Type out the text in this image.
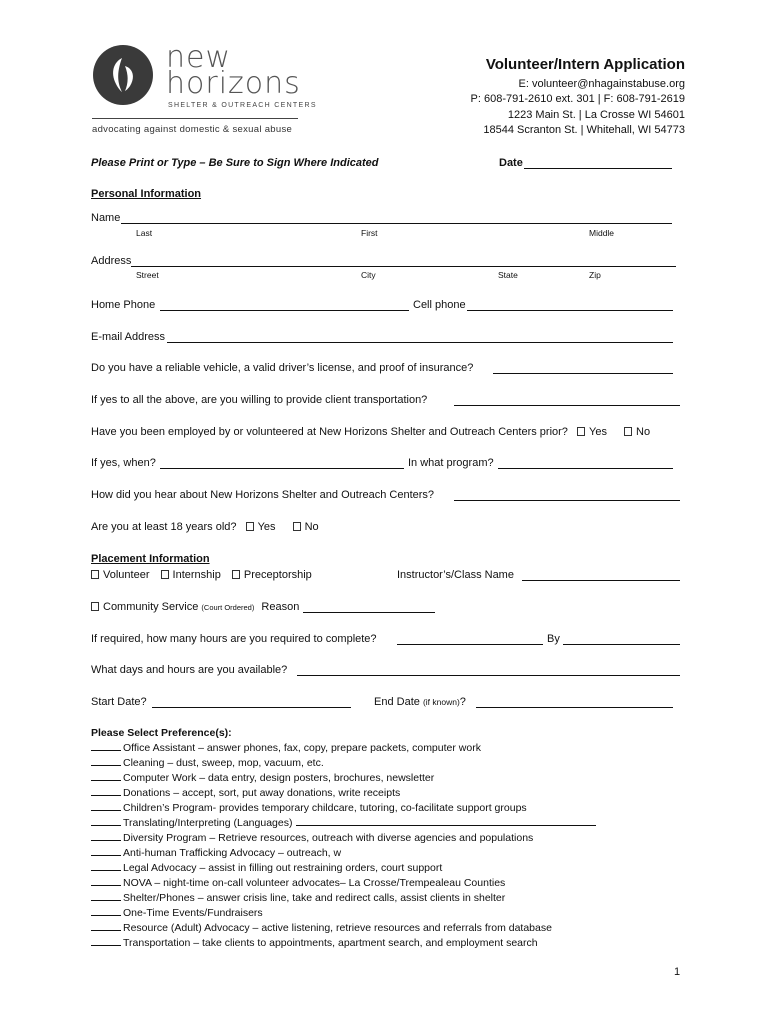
new
horizons
SHELTER & OUTREACH CENTERS
advocating against domestic & sexual abuse
Volunteer/Intern Application
E: volunteer@nhagainstabuse.org
P: 608-791-2610 ext. 301 | F: 608-791-2619
1223 Main St. | La Crosse WI 54601
18544 Scranton St. | Whitehall, WI 54773
Please Print or Type – Be Sure to Sign Where Indicated	Date
Personal Information
Name
Last	First	Middle
Address
Street	City	State	Zip
Home Phone	Cell phone
E-mail Address
Do you have a reliable vehicle, a valid driver’s license, and proof of insurance?
If yes to all the above, are you willing to provide client transportation?
Have you been employed by or volunteered at New Horizons Shelter and Outreach Centers prior? Yes	No
If yes, when?	In what program?
How did you hear about New Horizons Shelter and Outreach Centers?
Are you at least 18 years old? Yes	No
Placement Information
Volunteer Internship Preceptorship	Instructor’s/Class Name
Community Service (Court Ordered) Reason
If required, how many hours are you required to complete?	By
What days and hours are you available?
Start Date?	End Date (if known)?
Please Select Preference(s):
Office Assistant – answer phones, fax, copy, prepare packets, computer work
Cleaning – dust, sweep, mop, vacuum, etc.
Computer Work – data entry, design posters, brochures, newsletter
Donations – accept, sort, put away donations, write receipts
Children’s Program- provides temporary childcare, tutoring, co-facilitate support groups
Translating/Interpreting (Languages)
Diversity Program – Retrieve resources, outreach with diverse agencies and populations
Anti-human Trafficking Advocacy – outreach, w
Legal Advocacy – assist in filling out restraining orders, court support
NOVA – night-time on-call volunteer advocates– La Crosse/Trempealeau Counties
Shelter/Phones – answer crisis line, take and redirect calls, assist clients in shelter
One-Time Events/Fundraisers
Resource (Adult) Advocacy – active listening, retrieve resources and referrals from database
Transportation – take clients to appointments, apartment search, and employment search
1
